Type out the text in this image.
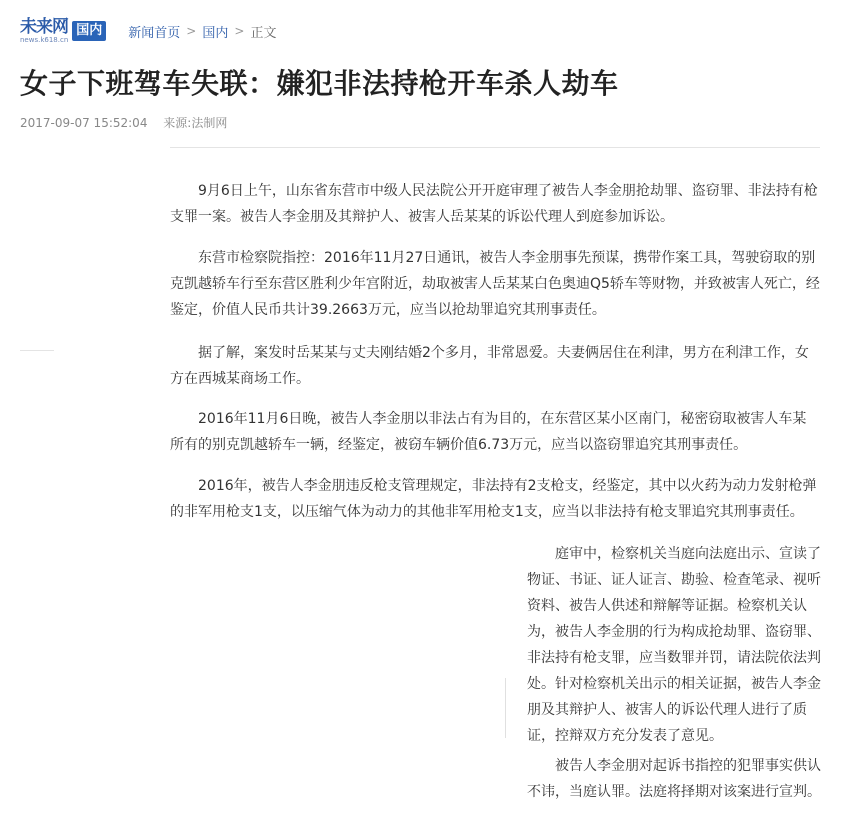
未来网
news.k618.cn
国内	新闻首页 > 国内 > 正文
女子下班驾车失联：嫌犯非法持枪开车杀人劫车
2017-09-07 15:52:04 来源:法制网

9月6日上午，山东省东营市中级人民法院公开开庭审理了被告人李金朋抢劫罪、盗窃罪、非法持有枪支罪一案。被告人李金朋及其辩护人、被害人岳某某的诉讼代理人到庭参加诉讼。

东营市检察院指控：2016年11月27日通讯，被告人李金朋事先预谋，携带作案工具，驾驶窃取的别克凯越轿车行至东营区胜利少年宫附近，劫取被害人岳某某白色奥迪Q5轿车等财物，并致被害人死亡，经鉴定，价值人民币共计39.2663万元，应当以抢劫罪追究其刑事责任。

据了解，案发时岳某某与丈夫刚结婚2个多月，非常恩爱。夫妻俩居住在利津，男方在利津工作，女方在西城某商场工作。

2016年11月6日晚，被告人李金朋以非法占有为目的，在东营区某小区南门，秘密窃取被害人车某所有的别克凯越轿车一辆，经鉴定，被窃车辆价值6.73万元，应当以盗窃罪追究其刑事责任。

2016年，被告人李金朋违反枪支管理规定，非法持有2支枪支，经鉴定，其中以火药为动力发射枪弹的非军用枪支1支，以压缩气体为动力的其他非军用枪支1支，应当以非法持有枪支罪追究其刑事责任。

庭审中，检察机关当庭向法庭出示、宣读了物证、书证、证人证言、勘验、检查笔录、视听资料、被告人供述和辩解等证据。检察机关认为，被告人李金朋的行为构成抢劫罪、盗窃罪、非法持有枪支罪，应当数罪并罚，请法院依法判处。针对检察机关出示的相关证据，被告人李金朋及其辩护人、被害人的诉讼代理人进行了质证，控辩双方充分发表了意见。

被告人李金朋对起诉书指控的犯罪事实供认不讳，当庭认罪。法庭将择期对该案进行宣判。
